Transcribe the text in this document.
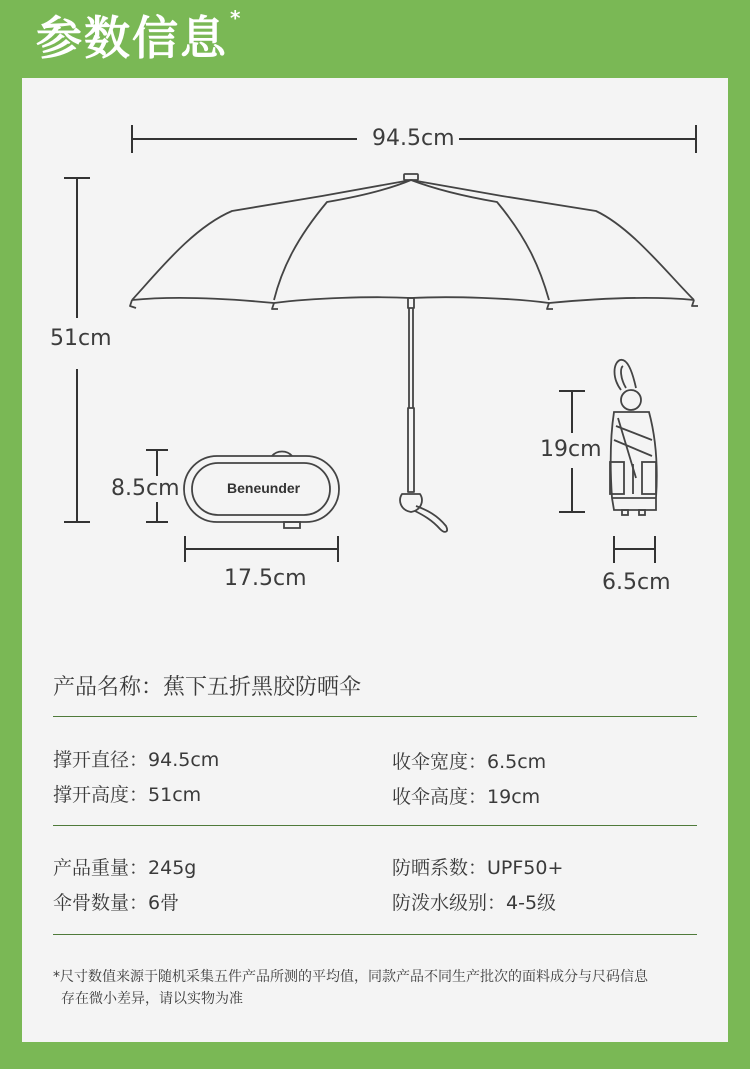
参数信息 *
94.5cm
51cm
8.5cm
17.5cm
19cm
6.5cm
Beneunder
产品名称：蕉下五折黑胶防晒伞
撑开直径：94.5cm	收伞宽度：6.5cm
撑开高度：51cm	收伞高度：19cm
产品重量：245g	防晒系数：UPF50+
伞骨数量：6骨	防泼水级别：4-5级
*尺寸数值来源于随机采集五件产品所测的平均值，同款产品不同生产批次的面料成分与尺码信息
存在微小差异，请以实物为准
